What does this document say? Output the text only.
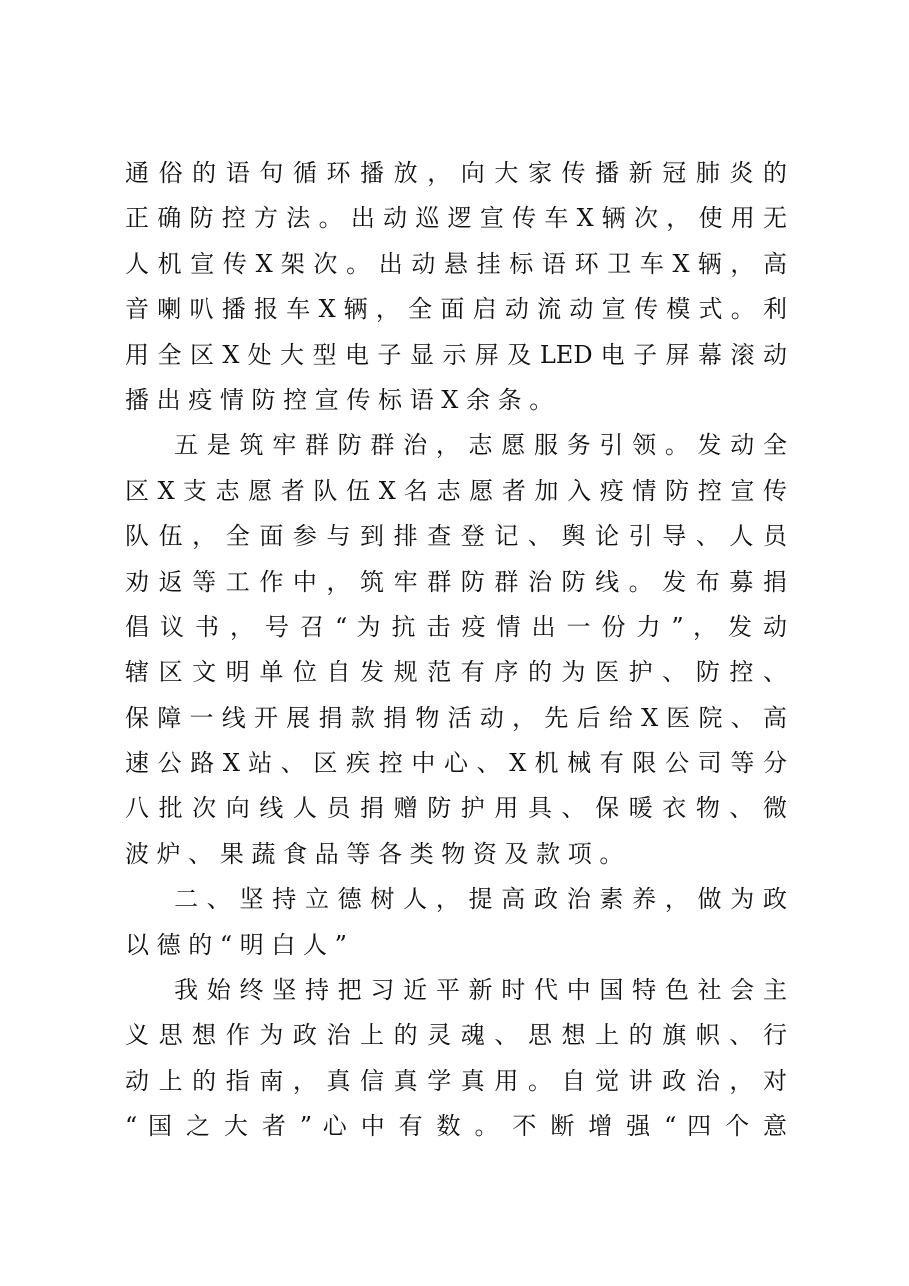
通 俗 的 语 句 循 环 播 放 ， 向 大 家 传 播 新 冠 肺 炎 的
正 确 防 控 方 法 。 出 动 巡 逻 宣 传 车 X 辆 次 ， 使 用 无
人 机 宣 传 X 架 次 。 出 动 悬 挂 标 语 环 卫 车 X 辆 ， 高
音 喇 叭 播 报 车 X 辆 ， 全 面 启 动 流 动 宣 传 模 式 。 利
用 全 区 X 处 大 型 电 子 显 示 屏 及 LED 电 子 屏 幕 滚 动
播 出 疫 情 防 控 宣 传 标 语 X 余 条 。
　　五 是 筑 牢 群 防 群 治 ， 志 愿 服 务 引 领 。 发 动 全
区 X 支 志 愿 者 队 伍 X 名 志 愿 者 加 入 疫 情 防 控 宣 传
队 伍 ， 全 面 参 与 到 排 查 登 记 、 舆 论 引 导 、 人 员
劝 返 等 工 作 中 ， 筑 牢 群 防 群 治 防 线 。 发 布 募 捐
倡 议 书 ， 号 召 “ 为 抗 击 疫 情 出 一 份 力 ” ， 发 动
辖 区 文 明 单 位 自 发 规 范 有 序 的 为 医 护 、 防 控 、
保 障 一 线 开 展 捐 款 捐 物 活 动 ， 先 后 给 X 医 院 、 高
速 公 路 X 站 、 区 疾 控 中 心 、 X 机 械 有 限 公 司 等 分
八 批 次 向 线 人 员 捐 赠 防 护 用 具 、 保 暖 衣 物 、 微
波 炉 、 果 蔬 食 品 等 各 类 物 资 及 款 项 。
　　二 、 坚 持 立 德 树 人 ， 提 高 政 治 素 养 ， 做 为 政
以 德 的 “ 明 白 人 ”
　　我 始 终 坚 持 把 习 近 平 新 时 代 中 国 特 色 社 会 主
义 思 想 作 为 政 治 上 的 灵 魂 、 思 想 上 的 旗 帜 、 行
动 上 的 指 南 ， 真 信 真 学 真 用 。 自 觉 讲 政 治 ， 对
“ 国 之 大 者 ” 心 中 有 数 。 不 断 增 强 “ 四 个 意
